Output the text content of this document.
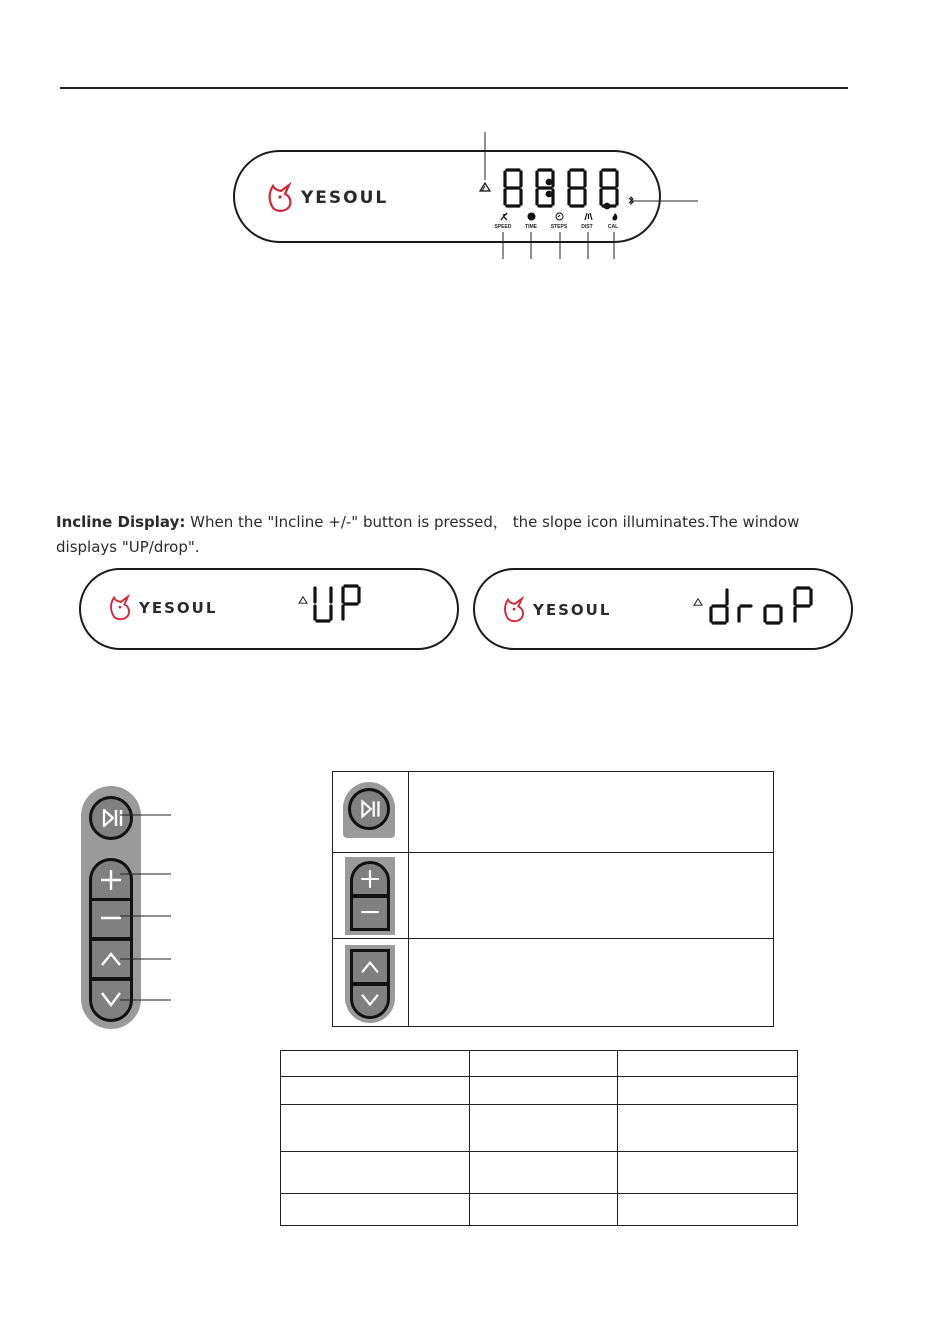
YESOUL
SPEED	TIME	STEPS	DIST	CAL
Incline Display: When the "Incline +/-" button is pressed， the slope icon illuminates.The window displays "UP/drop".
YESOUL	YESOUL
